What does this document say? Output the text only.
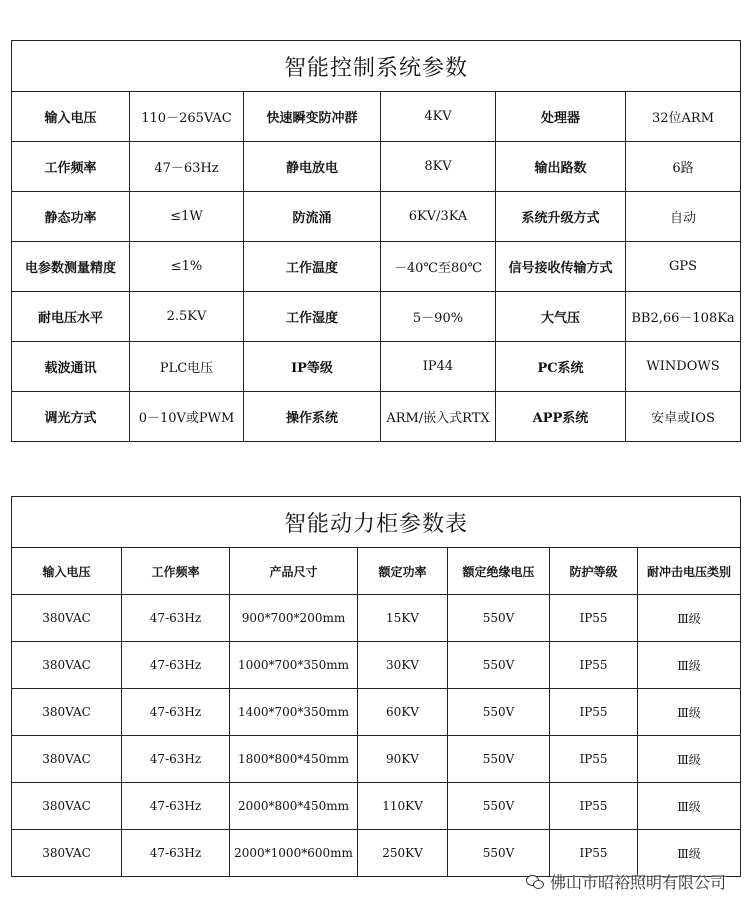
智能控制系统参数					
输入电压	110－265VAC	快速瞬变防冲群	4KV	处理器	32位ARM
工作频率	47－63Hz	静电放电	8KV	输出路数	6路
静态功率	≤1W	防流涌	6KV/3KA	系统升级方式	自动
电参数测量精度	≤1%	工作温度	－40℃至80℃	信号接收传输方式	GPS
耐电压水平	2.5KV	工作湿度	5－90%	大气压	BB2,66－108Ka
载波通讯	PLC电压	IP等级	IP44	PC系统	WINDOWS
调光方式	0－10V或PWM	操作系统	ARM/嵌入式RTX	APP系统	安卓或IOS
智能动力柜参数表						
输入电压	工作频率	产品尺寸	额定功率	额定绝缘电压	防护等级	耐冲击电压类别
380VAC	47-63Hz	900*700*200mm	15KV	550V	IP55	Ⅲ级
380VAC	47-63Hz	1000*700*350mm	30KV	550V	IP55	Ⅲ级
380VAC	47-63Hz	1400*700*350mm	60KV	550V	IP55	Ⅲ级
380VAC	47-63Hz	1800*800*450mm	90KV	550V	IP55	Ⅲ级
380VAC	47-63Hz	2000*800*450mm	110KV	550V	IP55	Ⅲ级
380VAC	47-63Hz	2000*1000*600mm	250KV	550V	IP55	Ⅲ级
佛山市昭裕照明有限公司
